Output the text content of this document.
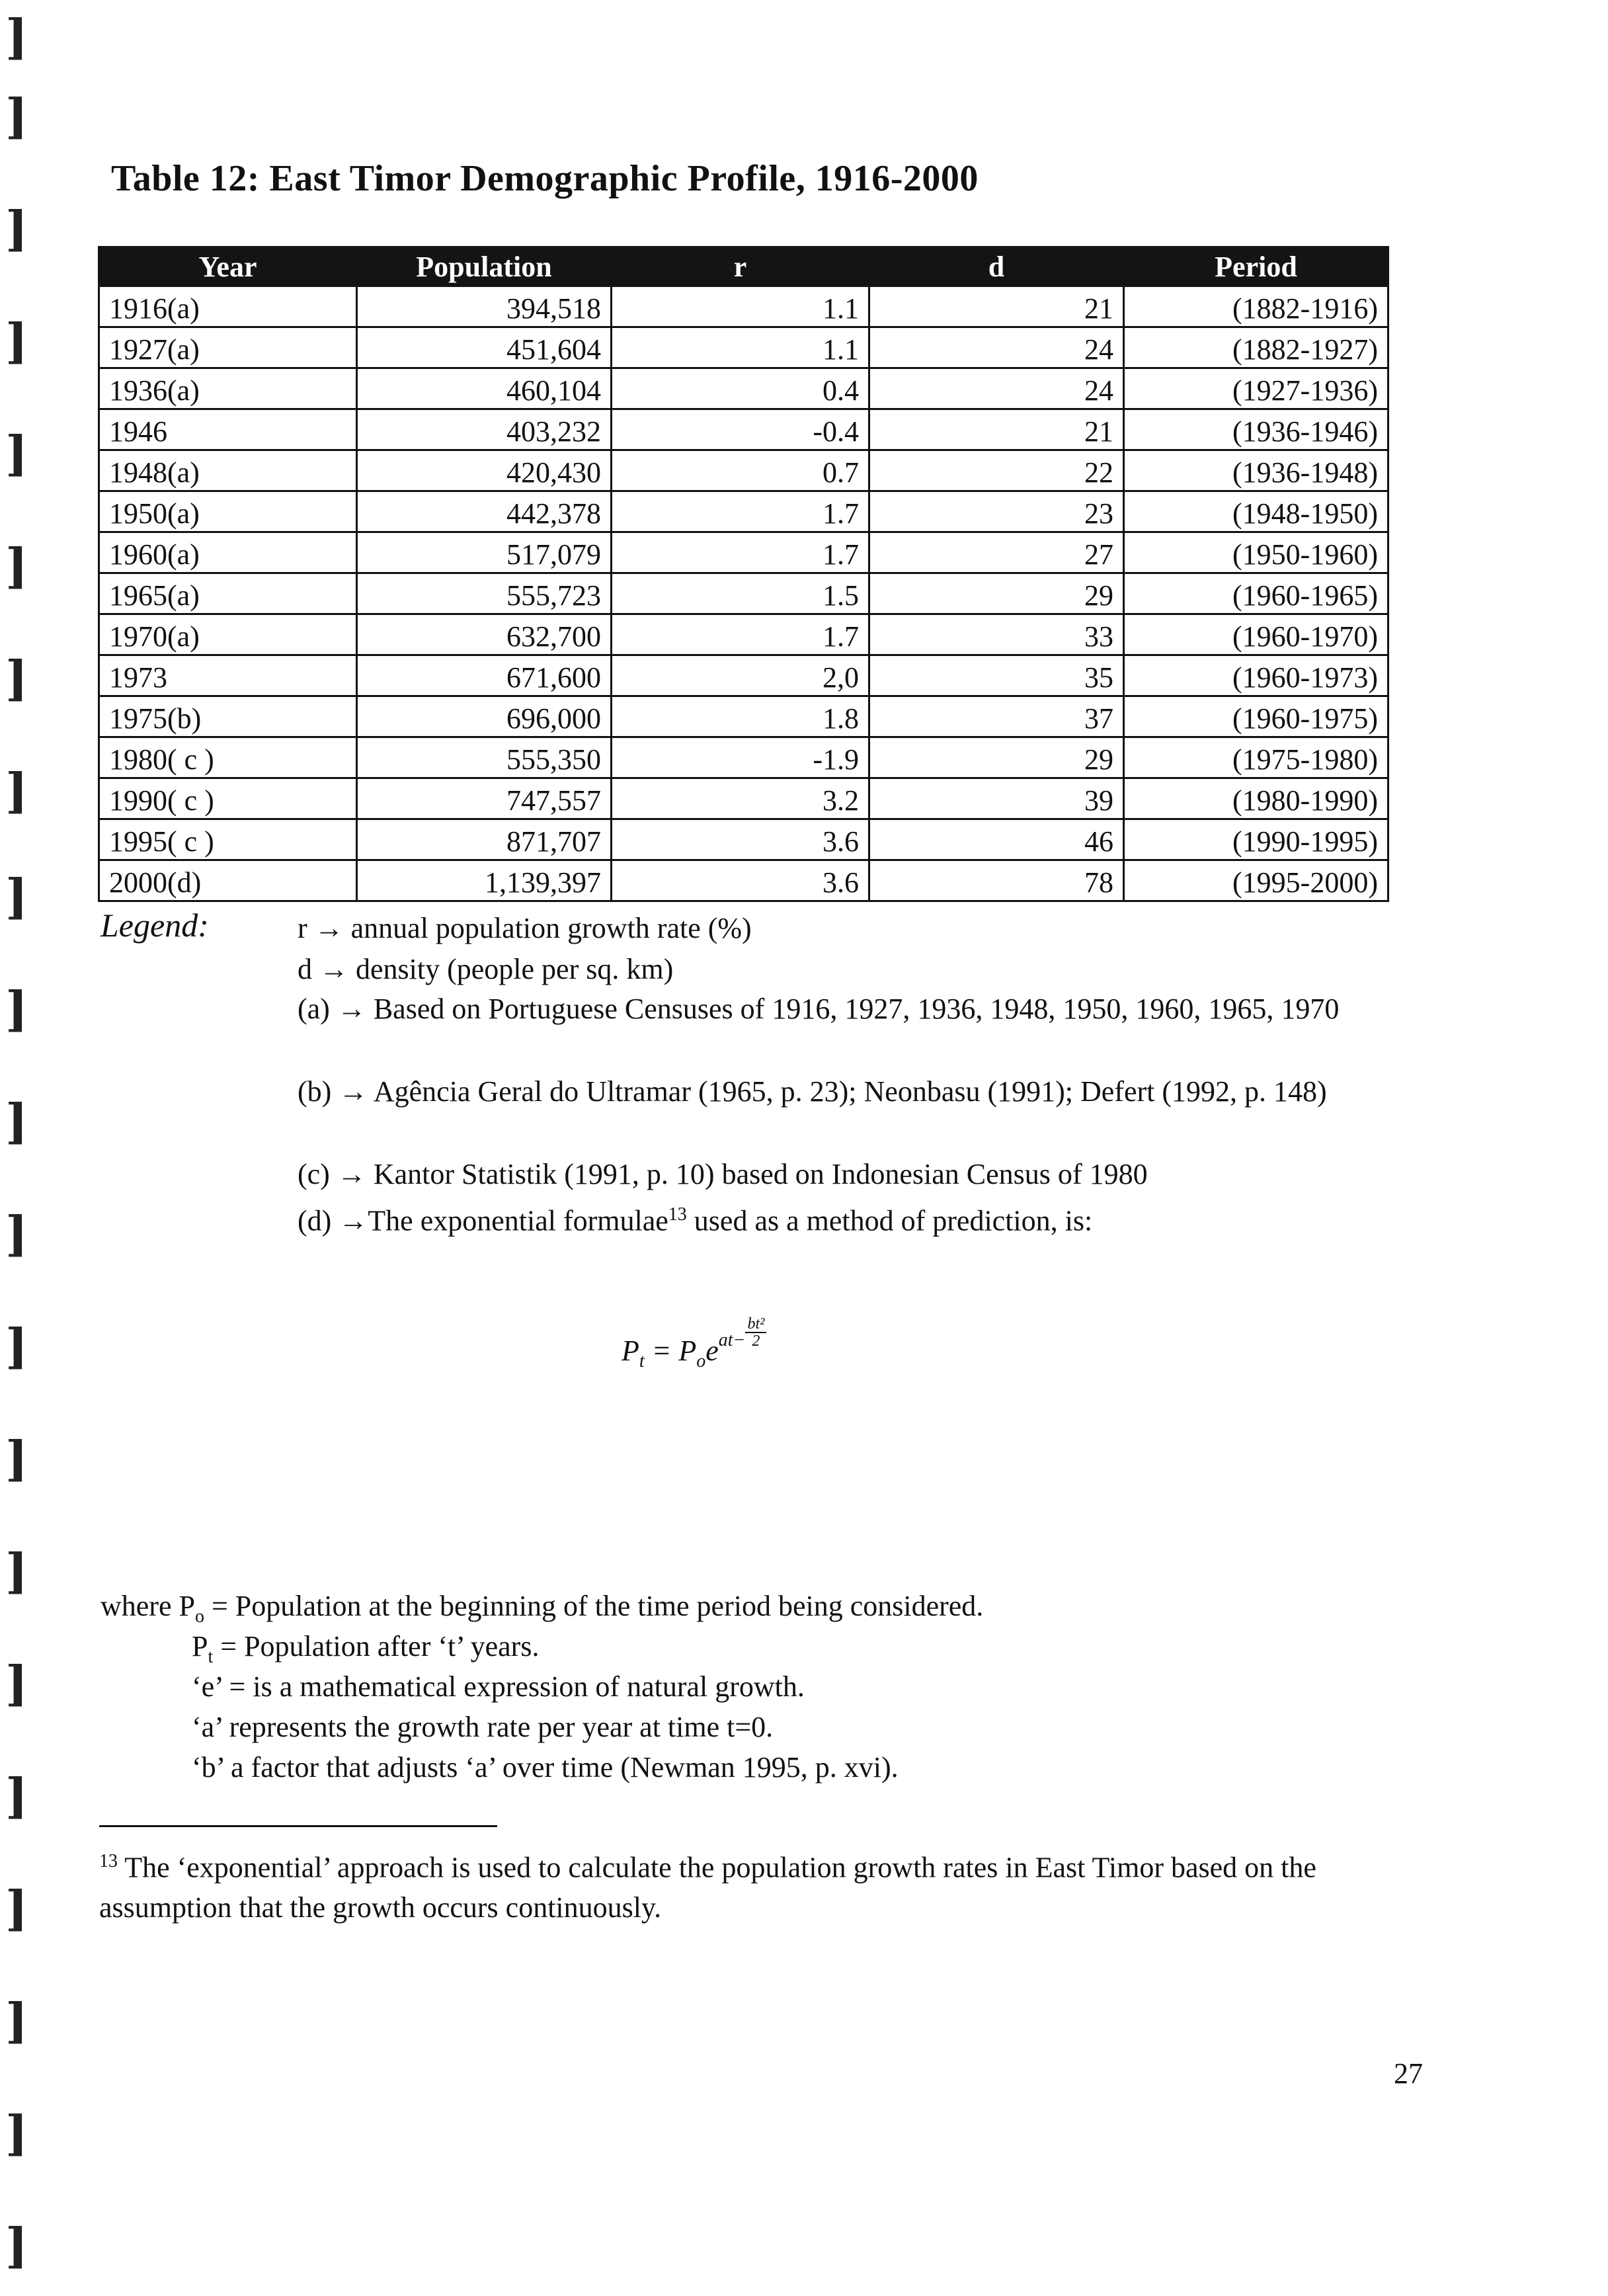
]
]
]
]
]
]
]
]
]
]
]
]
]
]
]
]
]
]
]
]
]
Table 12: East Timor Demographic Profile, 1916-2000
Year	Population	r	d	Period
1916(a)	394,518	1.1	21	(1882-1916)
1927(a)	451,604	1.1	24	(1882-1927)
1936(a)	460,104	0.4	24	(1927-1936)
1946	403,232	-0.4	21	(1936-1946)
1948(a)	420,430	0.7	22	(1936-1948)
1950(a)	442,378	1.7	23	(1948-1950)
1960(a)	517,079	1.7	27	(1950-1960)
1965(a)	555,723	1.5	29	(1960-1965)
1970(a)	632,700	1.7	33	(1960-1970)
1973	671,600	2,0	35	(1960-1973)
1975(b)	696,000	1.8	37	(1960-1975)
1980( c )	555,350	-1.9	29	(1975-1980)
1990( c )	747,557	3.2	39	(1980-1990)
1995( c )	871,707	3.6	46	(1990-1995)
2000(d)	1,139,397	3.6	78	(1995-2000)
Legend:	r → annual population growth rate (%)
d → density (people per sq. km)
(a) → Based on Portuguese Censuses of 1916, 1927, 1936, 1948, 1950, 1960, 1965, 1970
(b) → Agência Geral do Ultramar (1965, p. 23); Neonbasu (1991); Defert (1992, p. 148)
(c) → Kantor Statistik (1991, p. 10) based on Indonesian Census of 1980
(d) →The exponential formulae$^{13}$ used as a method of prediction, is:
$P_t = P_oe^{at-} \frac{\text{bt²}}{2}$
where $P_o$ = Population at the beginning of the time period being considered.
$P_t$ = Population after ‘t’ years.
‘e’ = is a mathematical expression of natural growth.
‘a’ represents the growth rate per year at time t=0.
‘b’ a factor that adjusts ‘a’ over time (Newman 1995, p. xvi).
$^{13}$ The ‘exponential’ approach is used to calculate the population growth rates in East Timor based on the assumption that the growth occurs continuously.
27
